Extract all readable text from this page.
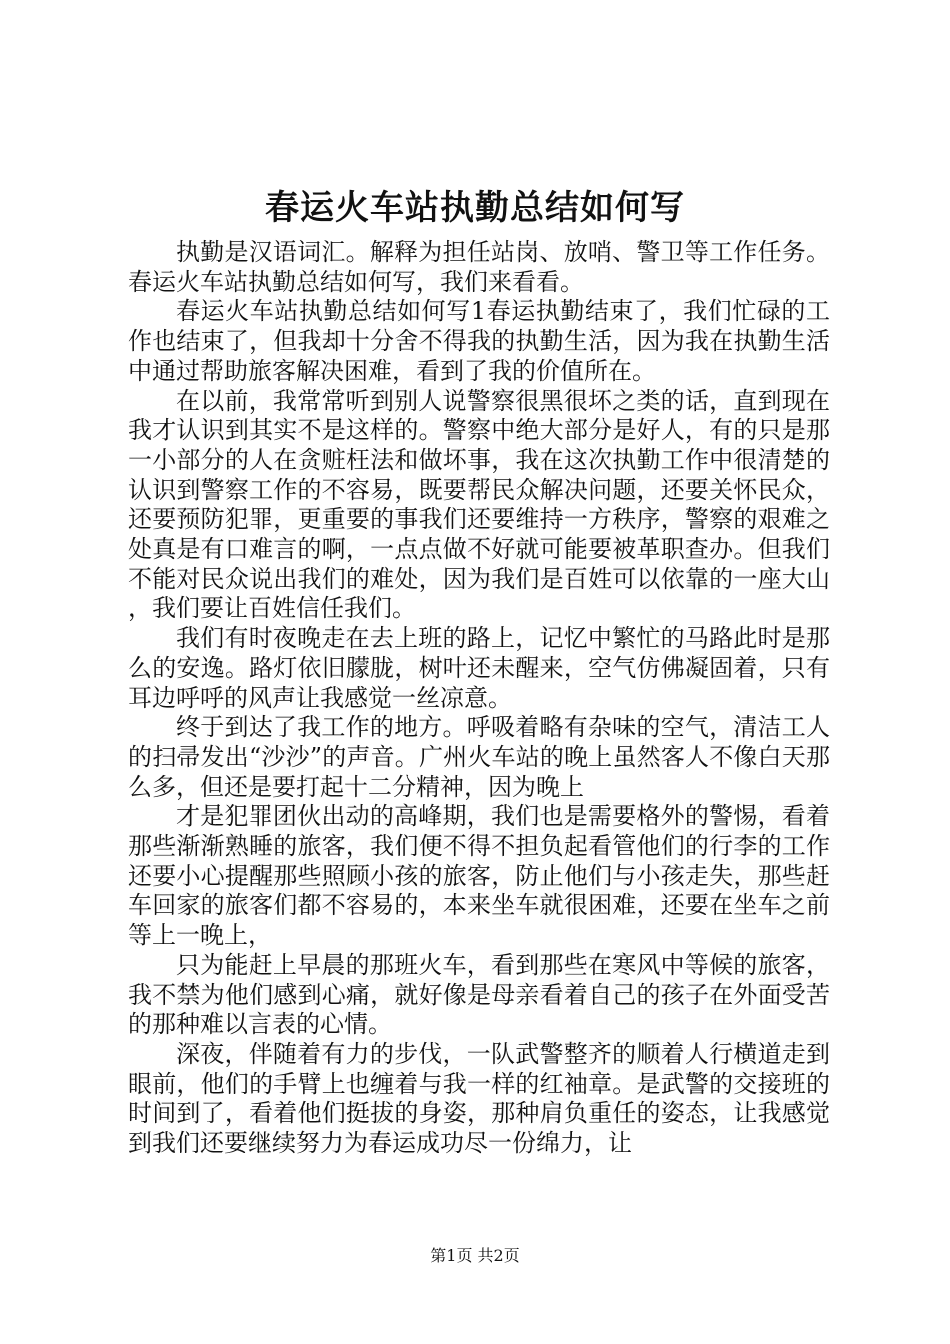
春运火车站执勤总结如何写

执勤是汉语词汇。解释为担任站岗、放哨、警卫等工作任务。春运火车站执勤总结如何写，我们来看看。

春运火车站执勤总结如何写1春运执勤结束了，我们忙碌的工作也结束了，但我却十分舍不得我的执勤生活，因为我在执勤生活中通过帮助旅客解决困难，看到了我的价值所在。

在以前，我常常听到别人说警察很黑很坏之类的话，直到现在我才认识到其实不是这样的。警察中绝大部分是好人，有的只是那一小部分的人在贪赃枉法和做坏事，我在这次执勤工作中很清楚的认识到警察工作的不容易，既要帮民众解决问题，还要关怀民众，还要预防犯罪，更重要的事我们还要维持一方秩序，警察的艰难之处真是有口难言的啊，一点点做不好就可能要被革职查办。但我们不能对民众说出我们的难处，因为我们是百姓可以依靠的一座大山，我们要让百姓信任我们。

我们有时夜晚走在去上班的路上，记忆中繁忙的马路此时是那么的安逸。路灯依旧朦胧，树叶还未醒来，空气仿佛凝固着，只有耳边呼呼的风声让我感觉一丝凉意。

终于到达了我工作的地方。呼吸着略有杂味的空气，清洁工人的扫帚发出“沙沙”的声音。广州火车站的晚上虽然客人不像白天那么多，但还是要打起十二分精神，因为晚上

才是犯罪团伙出动的高峰期，我们也是需要格外的警惕，看着那些渐渐熟睡的旅客，我们便不得不担负起看管他们的行李的工作还要小心提醒那些照顾小孩的旅客，防止他们与小孩走失，那些赶车回家的旅客们都不容易的，本来坐车就很困难，还要在坐车之前等上一晚上，

只为能赶上早晨的那班火车，看到那些在寒风中等候的旅客，我不禁为他们感到心痛，就好像是母亲看着自己的孩子在外面受苦的那种难以言表的心情。

深夜，伴随着有力的步伐，一队武警整齐的顺着人行横道走到眼前，他们的手臂上也缠着与我一样的红袖章。是武警的交接班的时间到了，看着他们挺拔的身姿，那种肩负重任的姿态，让我感觉到我们还要继续努力为春运成功尽一份绵力，让

第1页 共2页
